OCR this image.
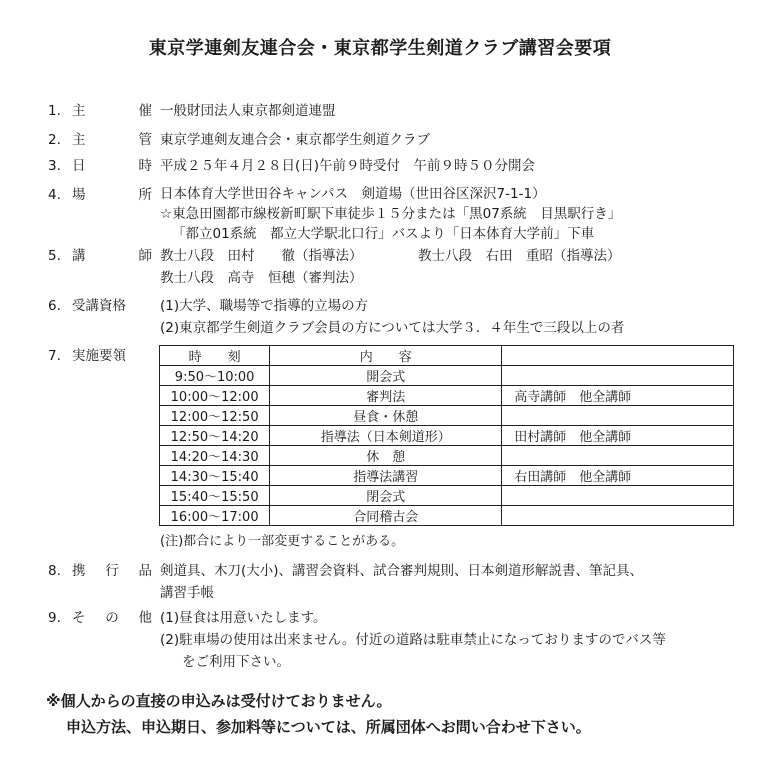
東京学連剣友連合会・東京都学生剣道クラブ講習会要項
1. 主	催 一般財団法人東京都剣道連盟
2. 主	管 東京学連剣友連合会・東京都学生剣道クラブ
3. 日	時 平成２５年４月２８日(日)午前９時受付　午前９時５０分開会
4. 場	所 日本体育大学世田谷キャンパス　剣道場（世田谷区深沢7-1-1）
☆東急田園都市線桜新町駅下車徒歩１５分または「黒07系統　目黒駅行き」
「都立01系統　都立大学駅北口行」バスより「日本体育大学前」下車
5. 講	師 教士八段　田村　　徹（指導法）	教士八段　右田　重昭（指導法）
教士八段　高寺　恒穂（審判法）
6. 受講資格	(1)大学、職場等で指導的立場の方
(2)東京都学生剣道クラブ会員の方については大学３．４年生で三段以上の者
7. 実施要領	時　　刻	内　　容	
9:50〜10:00	開会式	
10:00〜12:00	審判法	高寺講師　他全講師
12:00〜12:50	昼食・休憩	
12:50〜14:20	指導法（日本剣道形）	田村講師　他全講師
14:20〜14:30	休　憩	
14:30〜15:40	指導法講習	右田講師　他全講師
15:40〜15:50	閉会式	
16:00〜17:00	合同稽古会	
(注)都合により一部変更することがある。
8. 携 行 品 剣道具、木刀(大小)、講習会資料、試合審判規則、日本剣道形解説書、筆記具、
講習手帳
9. そ の 他 (1)昼食は用意いたします。
(2)駐車場の使用は出来ません。付近の道路は駐車禁止になっておりますのでバス等
をご利用下さい。
※個人からの直接の申込みは受付けておりません。
申込方法、申込期日、参加料等については、所属団体へお問い合わせ下さい。
